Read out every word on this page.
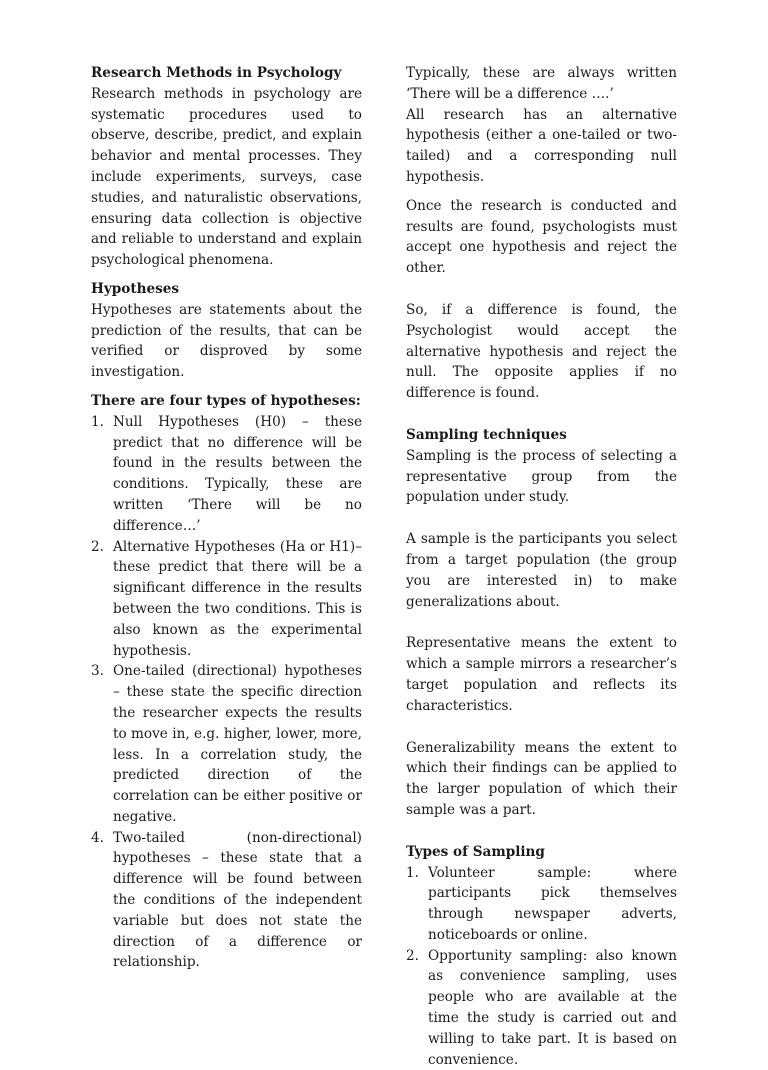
Research Methods in Psychology

Research methods in psychology are systematic procedures used to observe, describe, predict, and explain behavior and mental processes. They include experiments, surveys, case studies, and naturalistic observations, ensuring data collection is objective and reliable to understand and explain psychological phenomena.

Hypotheses

Hypotheses are statements about the prediction of the results, that can be verified or disproved by some investigation.

There are four types of hypotheses:

1. Null Hypotheses (H0) – these predict that no difference will be found in the results between the conditions. Typically, these are written ‘There will be no difference…’
2. Alternative Hypotheses (Ha or H1)– these predict that there will be a significant difference in the results between the two conditions. This is also known as the experimental hypothesis.
3. One-tailed (directional) hypotheses – these state the specific direction the researcher expects the results to move in, e.g. higher, lower, more, less. In a correlation study, the predicted direction of the correlation can be either positive or negative.
4. Two-tailed (non-directional) hypotheses – these state that a difference will be found between the conditions of the independent variable but does not state the direction of a difference or relationship.

Typically, these are always written ‘There will be a difference ….’

All research has an alternative hypothesis (either a one-tailed or two-tailed) and a corresponding null hypothesis.

Once the research is conducted and results are found, psychologists must accept one hypothesis and reject the other.

So, if a difference is found, the Psychologist would accept the alternative hypothesis and reject the null. The opposite applies if no difference is found.

Sampling techniques

Sampling is the process of selecting a representative group from the population under study.

A sample is the participants you select from a target population (the group you are interested in) to make generalizations about.

Representative means the extent to which a sample mirrors a researcher’s target population and reflects its characteristics.

Generalizability means the extent to which their findings can be applied to the larger population of which their sample was a part.

Types of Sampling

1. Volunteer sample: where participants pick themselves through newspaper adverts, noticeboards or online.
2. Opportunity sampling: also known as convenience sampling, uses people who are available at the time the study is carried out and willing to take part. It is based on convenience.
